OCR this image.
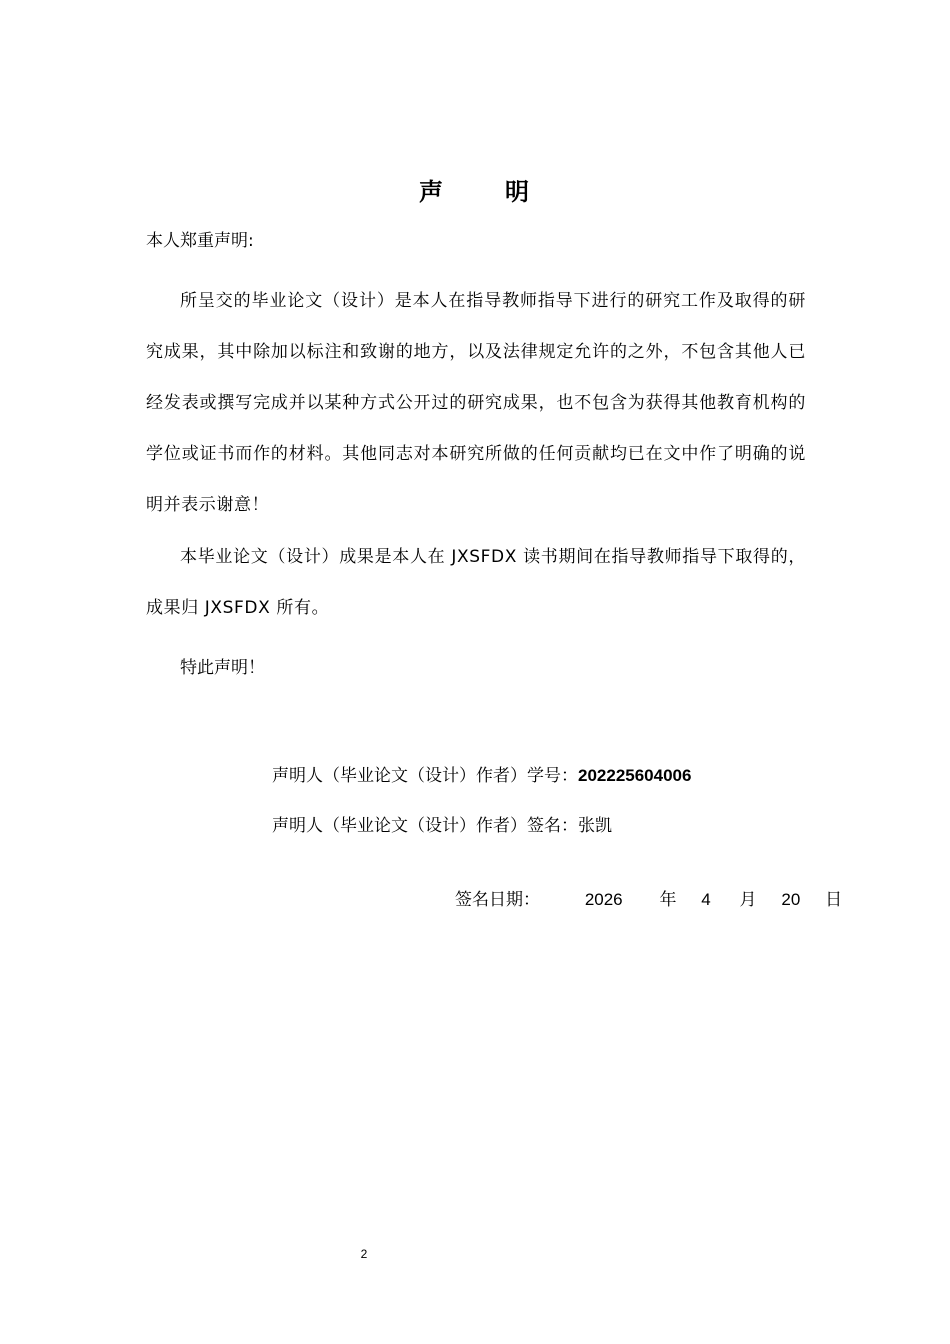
声	明
本人郑重声明:
所呈交的毕业论文（设计）是本人在指导教师指导下进行的研究工作及取得的研究成果，其中除加以标注和致谢的地方，以及法律规定允许的之外，不包含其他人已经发表或撰写完成并以某种方式公开过的研究成果，也不包含为获得其他教育机构的学位或证书而作的材料。其他同志对本研究所做的任何贡献均已在文中作了明确的说明并表示谢意！
本毕业论文（设计）成果是本人在 JXSFDX 读书期间在指导教师指导下取得的，成果归 JXSFDX 所有。
特此声明！
声明人（毕业论文（设计）作者）学号：202225604006
声明人（毕业论文（设计）作者）签名：张凯
签名日期：	2026 年 4 月 20 日
2
